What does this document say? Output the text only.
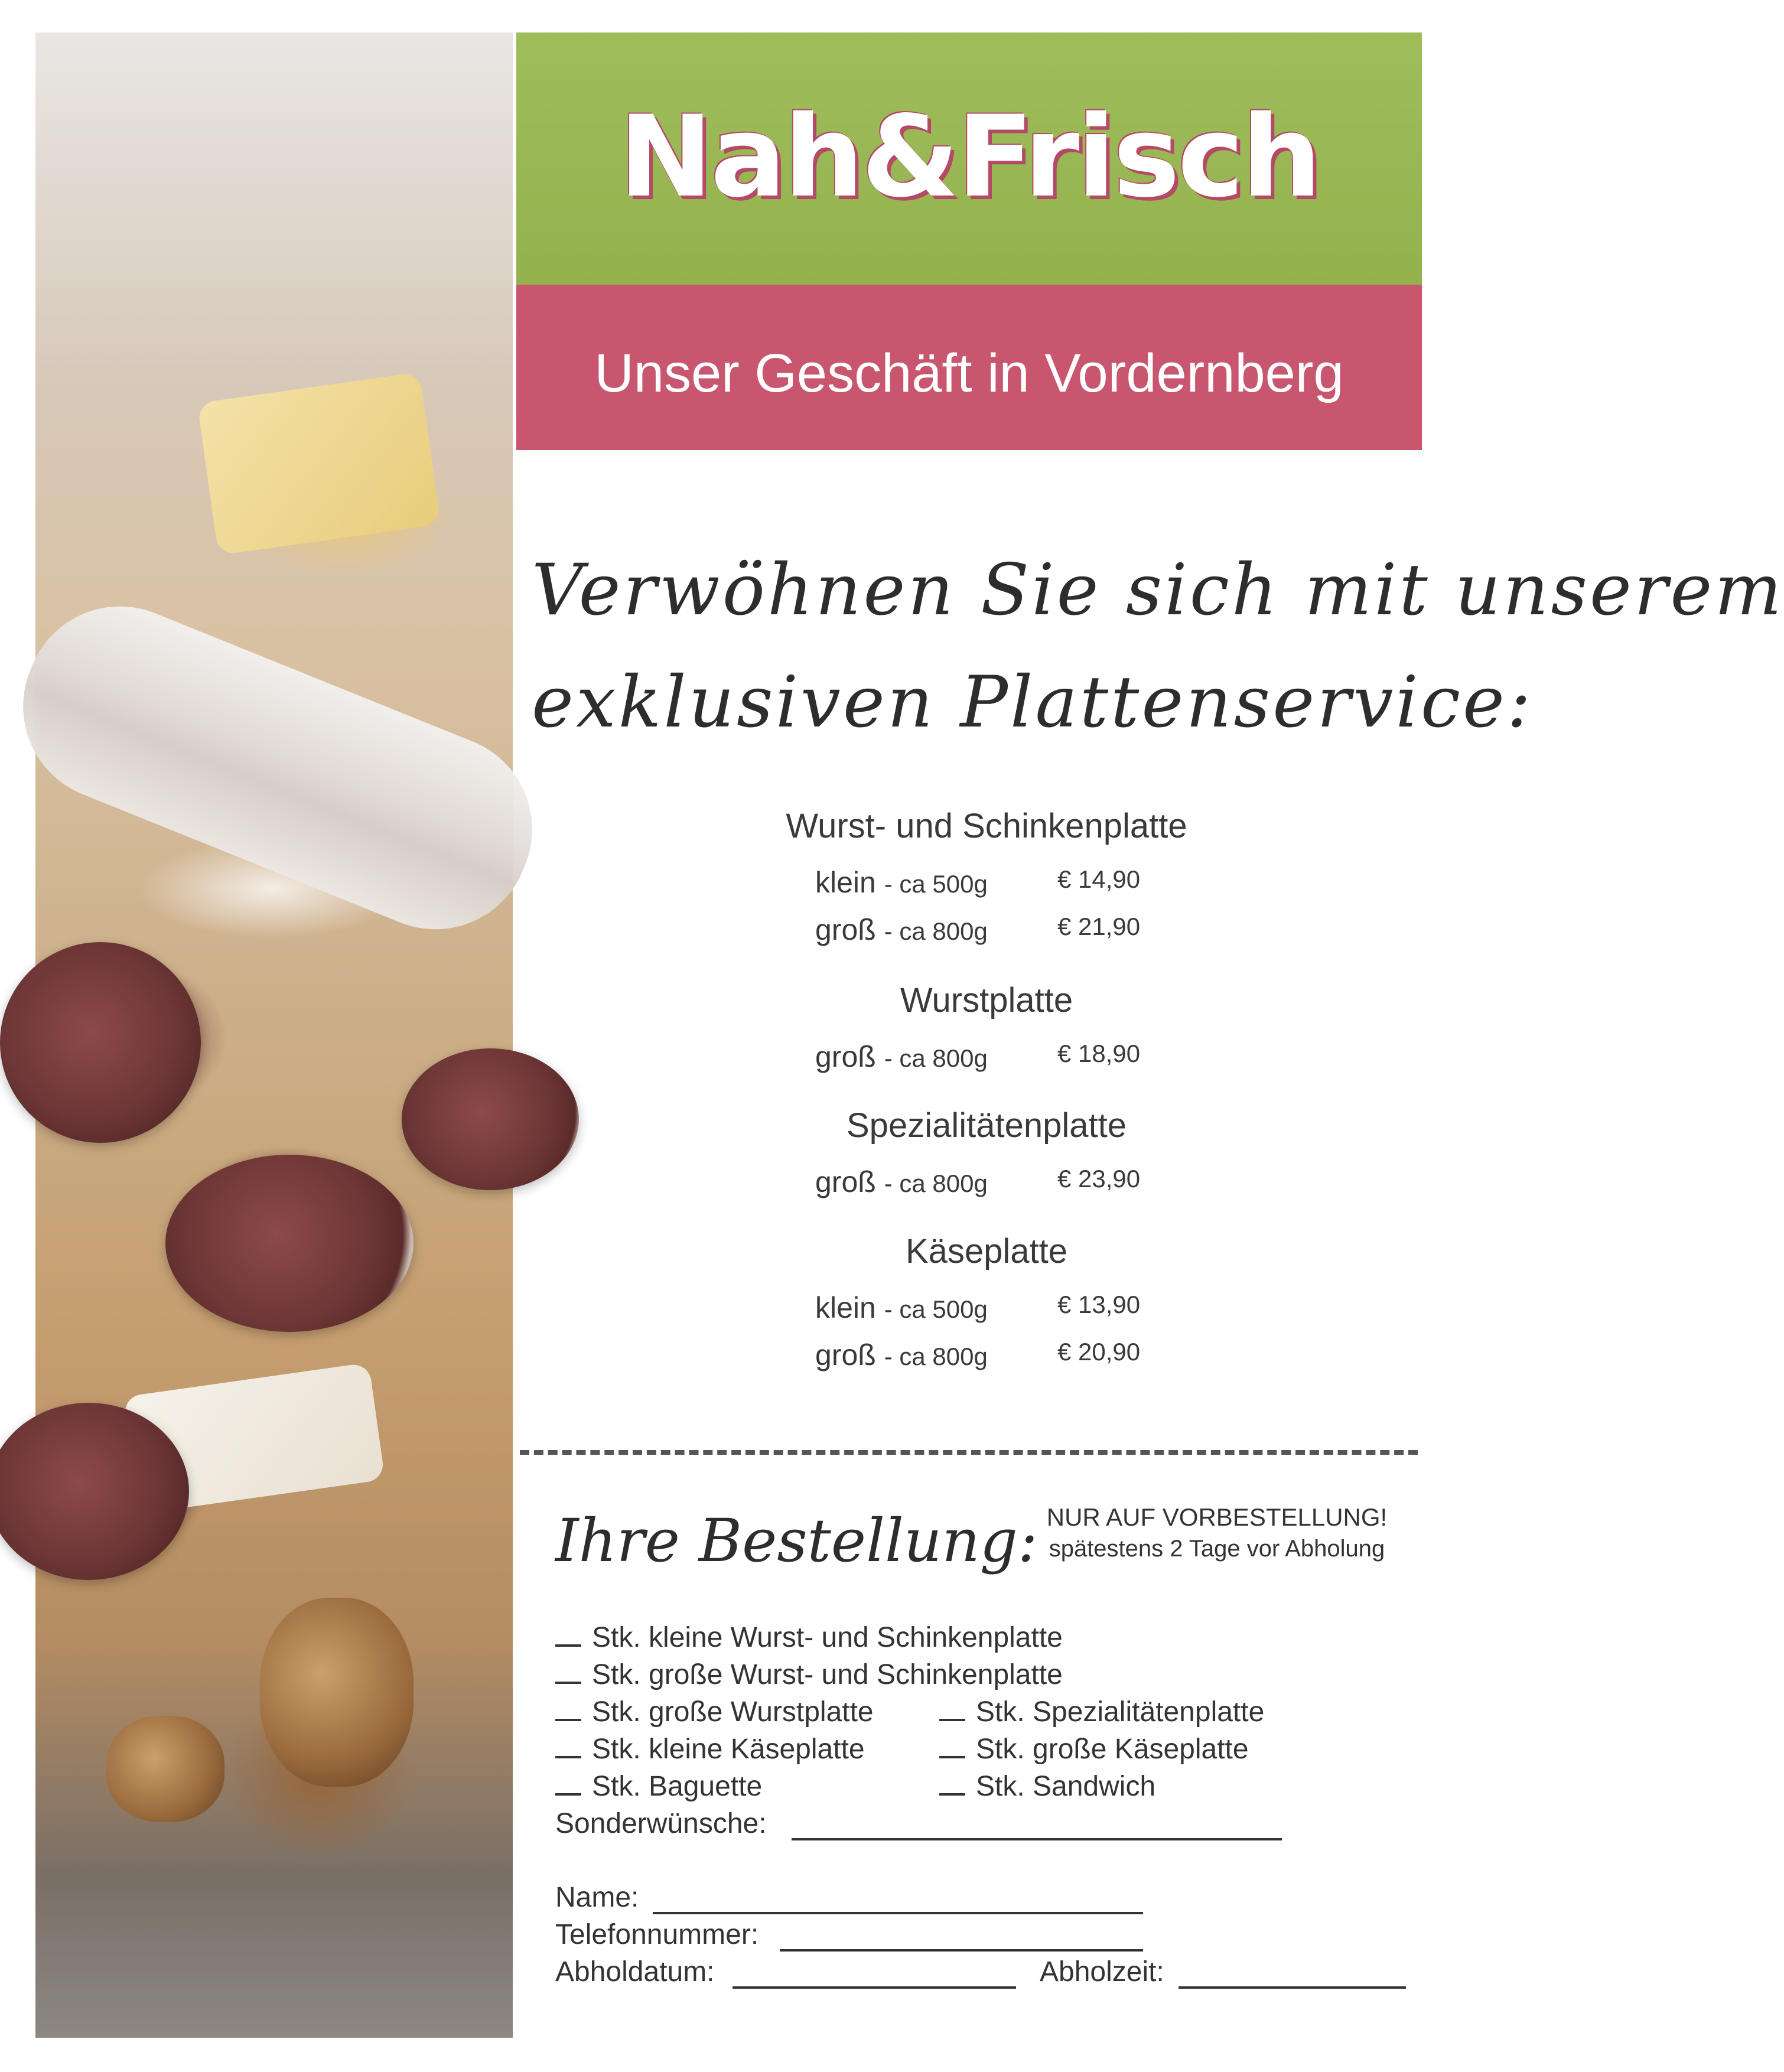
Nah&Frisch
Unser Geschäft in Vordernberg
Verwöhnen Sie sich mit unserem
exklusiven Plattenservice:
Wurst- und Schinkenplatte
klein - ca 500g	€ 14,90
groß - ca 800g	€ 21,90
Wurstplatte
groß - ca 800g	€ 18,90
Spezialitätenplatte
groß - ca 800g	€ 23,90
Käseplatte
klein - ca 500g	€ 13,90
groß - ca 800g	€ 20,90
Ihre Bestellung: NUR AUF VORBESTELLUNG!
spätestens 2 Tage vor Abholung
Stk. kleine Wurst- und Schinkenplatte
Stk. große Wurst- und Schinkenplatte
Stk. große Wurstplatte	Stk. Spezialitätenplatte
Stk. kleine Käseplatte	Stk. große Käseplatte
Stk. Baguette	Stk. Sandwich
Sonderwünsche:
Name:
Telefonnummer:
Abholdatum:	Abholzeit:
